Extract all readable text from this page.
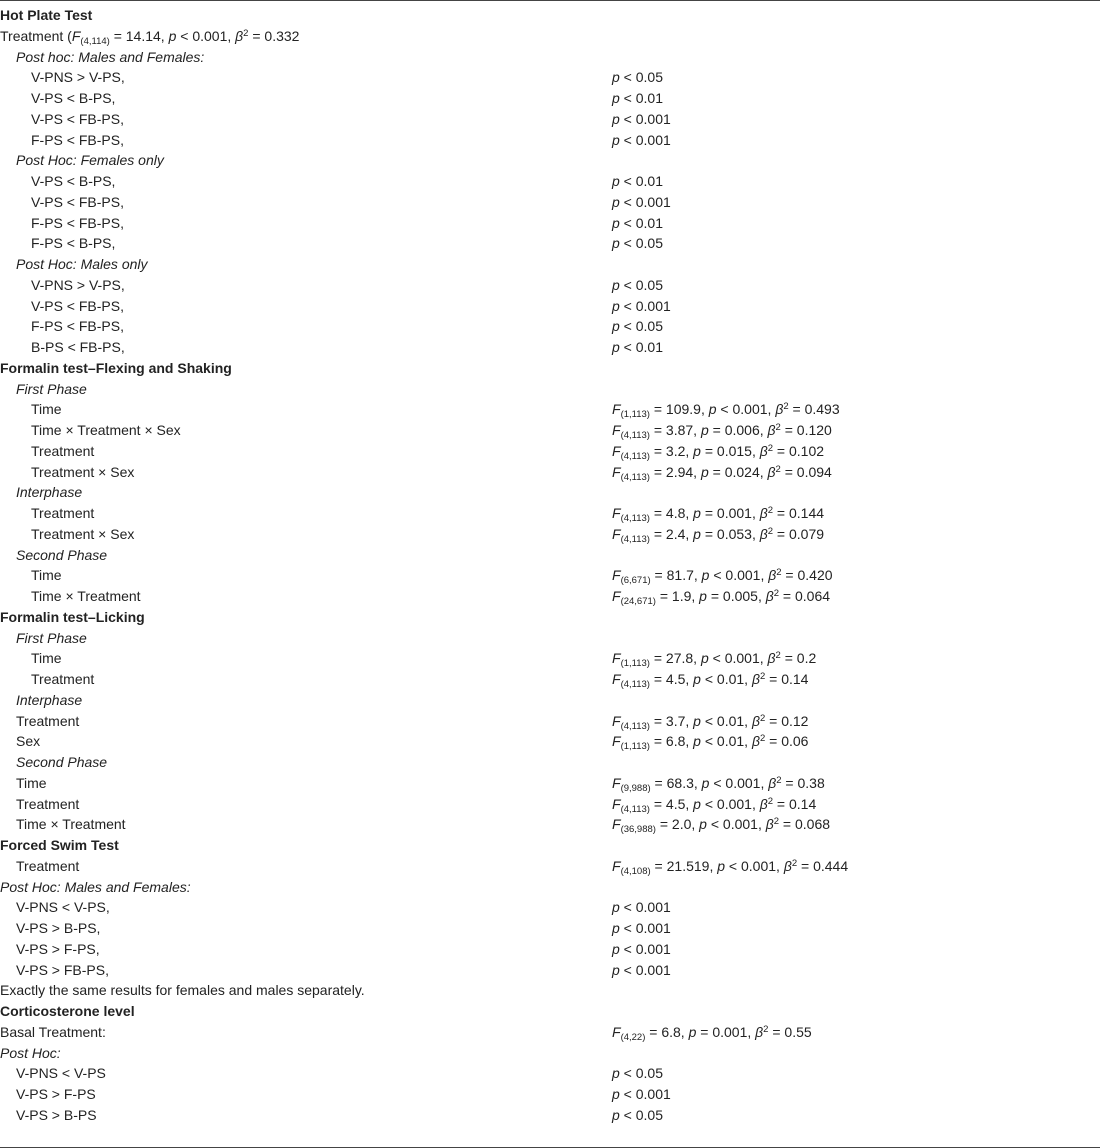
Hot Plate Test
Treatment ($F_{(4,114)} = 14.14$, p < 0.001, $\beta^2 = 0.332$
Post hoc: Males and Females:
V-PNS > V-PS,	p < 0.05
V-PS < B-PS,	p < 0.01
V-PS < FB-PS,	p < 0.001
F-PS < FB-PS,	p < 0.001
Post Hoc: Females only
V-PS < B-PS,	p < 0.01
V-PS < FB-PS,	p < 0.001
F-PS < FB-PS,	p < 0.01
F-PS < B-PS,	p < 0.05
Post Hoc: Males only
V-PNS > V-PS,	p < 0.05
V-PS < FB-PS,	p < 0.001
F-PS < FB-PS,	p < 0.05
B-PS < FB-PS,	p < 0.01
Formalin test–Flexing and Shaking
First Phase
Time	$F_{(1,113)} = 109.9$, p < 0.001, $\beta^2 = 0.493$
Time × Treatment × Sex	$F_{(4,113)} = 3.87$, p = 0.006, $\beta^2 = 0.120$
Treatment	$F_{(4,113)} = 3.2$, p = 0.015, $\beta^2 = 0.102$
Treatment × Sex	$F_{(4,113)} = 2.94$, p = 0.024, $\beta^2 = 0.094$
Interphase
Treatment	$F_{(4,113)} = 4.8$, p = 0.001, $\beta^2 = 0.144$
Treatment × Sex	$F_{(4,113)} = 2.4$, p = 0.053, $\beta^2 = 0.079$
Second Phase
Time	$F_{(6,671)} = 81.7$, p < 0.001, $\beta^2 = 0.420$
Time × Treatment	$F_{(24,671)} = 1.9$, p = 0.005, $\beta^2 = 0.064$
Formalin test–Licking
First Phase
Time	$F_{(1,113)} = 27.8$, p < 0.001, $\beta^2 = 0.2$
Treatment	$F_{(4,113)} = 4.5$, p < 0.01, $\beta^2 = 0.14$
Interphase
Treatment	$F_{(4,113)} = 3.7$, p < 0.01, $\beta^2 = 0.12$
Sex	$F_{(1,113)} = 6.8$, p < 0.01, $\beta^2 = 0.06$
Second Phase
Time	$F_{(9,988)} = 68.3$, p < 0.001, $\beta^2 = 0.38$
Treatment	$F_{(4,113)} = 4.5$, p < 0.001, $\beta^2 = 0.14$
Time × Treatment	$F_{(36,988)} = 2.0$, p < 0.001, $\beta^2 = 0.068$
Forced Swim Test
Treatment	$F_{(4,108)} = 21.519$, p < 0.001, $\beta^2 = 0.444$
Post Hoc: Males and Females:
V-PNS < V-PS,	p < 0.001
V-PS > B-PS,	p < 0.001
V-PS > F-PS,	p < 0.001
V-PS > FB-PS,	p < 0.001
Exactly the same results for females and males separately.
Corticosterone level
Basal Treatment:	$F_{(4,22)} = 6.8$, p = 0.001, $\beta^2 = 0.55$
Post Hoc:
V-PNS < V-PS	p < 0.05
V-PS > F-PS	p < 0.001
V-PS > B-PS	p < 0.05
